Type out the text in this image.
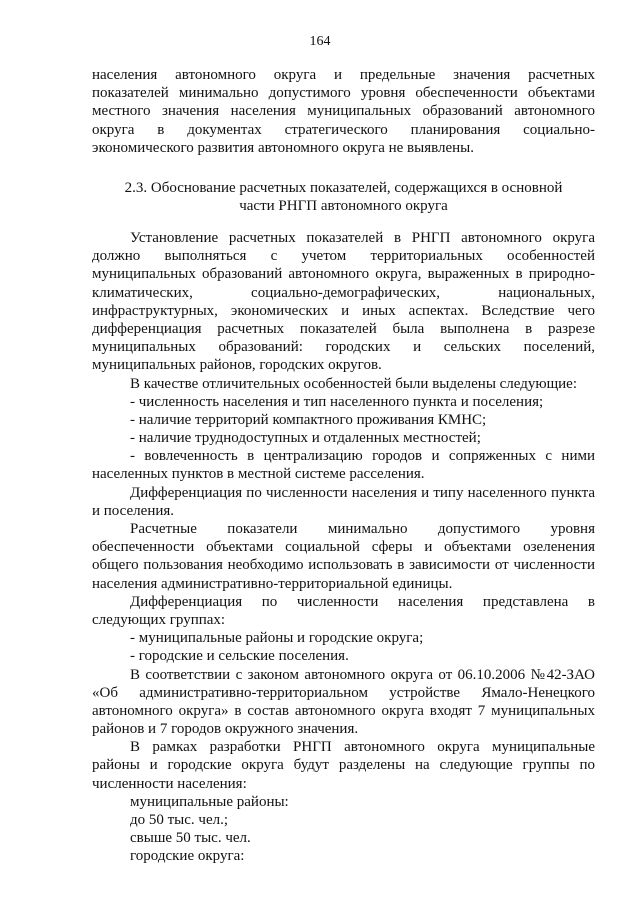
164
населения автономного округа и предельные значения расчетных
показателей минимально допустимого уровня обеспеченности объектами
местного значения населения муниципальных образований автономного
округа в документах стратегического планирования социально-
экономического развития автономного округа не выявлены.
2.3. Обоснование расчетных показателей, содержащихся в основной
части РНГП автономного округа
Установление расчетных показателей в РНГП автономного округа
должно выполняться с учетом территориальных особенностей
муниципальных образований автономного округа, выраженных в природно-
климатических, социально-демографических, национальных,
инфраструктурных, экономических и иных аспектах. Вследствие чего
дифференциация расчетных показателей была выполнена в разрезе
муниципальных образований: городских и сельских поселений,
муниципальных районов, городских округов.
В качестве отличительных особенностей были выделены следующие:
- численность населения и тип населенного пункта и поселения;
- наличие территорий компактного проживания КМНС;
- наличие труднодоступных и отдаленных местностей;
- вовлеченность в централизацию городов и сопряженных с ними
населенных пунктов в местной системе расселения.
Дифференциация по численности населения и типу населенного пункта
и поселения.
Расчетные показатели минимально допустимого уровня
обеспеченности объектами социальной сферы и объектами озеленения
общего пользования необходимо использовать в зависимости от численности
населения административно-территориальной единицы.
Дифференциация по численности населения представлена в
следующих группах:
- муниципальные районы и городские округа;
- городские и сельские поселения.
В соответствии с законом автономного округа от 06.10.2006 №42-ЗАО
«Об административно-территориальном устройстве Ямало-Ненецкого
автономного округа» в состав автономного округа входят 7 муниципальных
районов и 7 городов окружного значения.
В рамках разработки РНГП автономного округа муниципальные
районы и городские округа будут разделены на следующие группы по
численности населения:
муниципальные районы:
до 50 тыс. чел.;
свыше 50 тыс. чел.
городские округа:
